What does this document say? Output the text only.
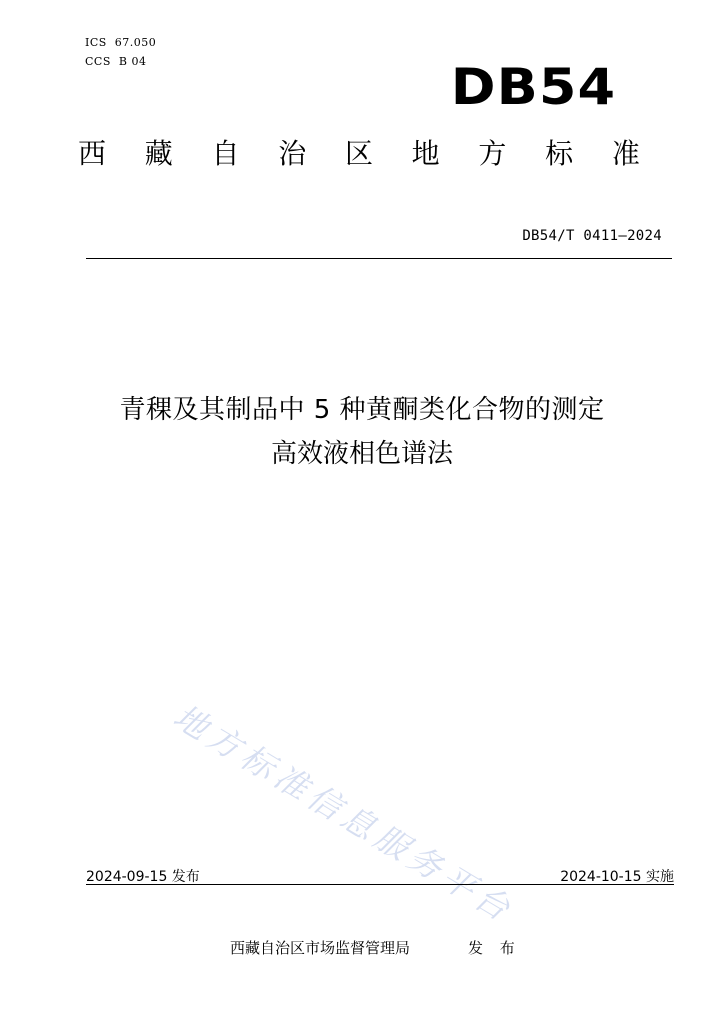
ICS  67.050
CCS  B 04	DB54
西 藏 自 治 区 地 方 标 准
DB54/T 0411—2024
青稞及其制品中 5 种黄酮类化合物的测定
高效液相色谱法
地方标准信息服务平台
2024-09-15 发布	2024-10-15 实施
西藏自治区市场监督管理局	发 布
